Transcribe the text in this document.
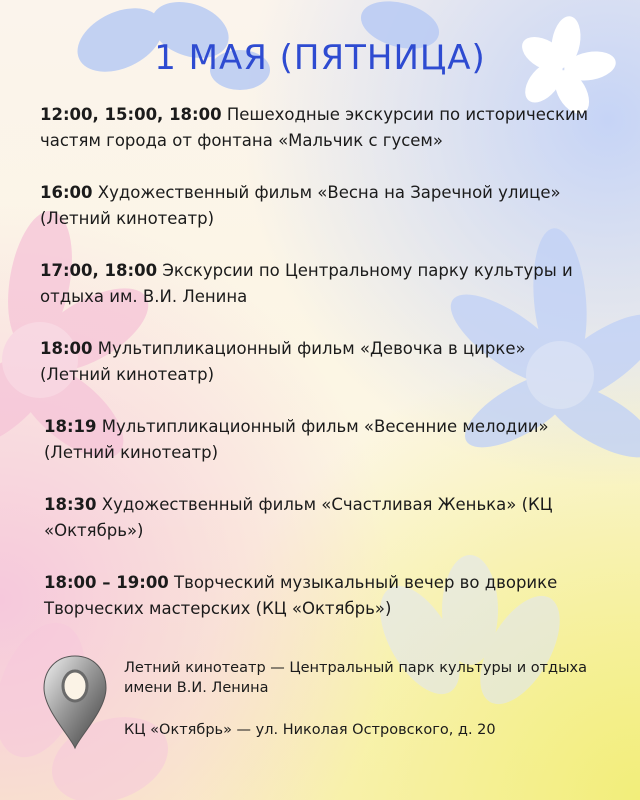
1 МАЯ (ПЯТНИЦА)
12:00, 15:00, 18:00 Пешеходные экскурсии по историческим частям города от фонтана «Мальчик с гусем»
16:00 Художественный фильм «Весна на Заречной улице» (Летний кинотеатр)
17:00, 18:00 Экскурсии по Центральному парку культуры и отдыха им. В.И. Ленина
18:00 Мультипликационный фильм «Девочка в цирке» (Летний кинотеатр)
18:19 Мультипликационный фильм «Весенние мелодии» (Летний кинотеатр)
18:30 Художественный фильм «Счастливая Женька» (КЦ «Октябрь»)
18:00 – 19:00 Творческий музыкальный вечер во дворике Творческих мастерских (КЦ «Октябрь»)
Летний кинотеатр — Центральный парк культуры и отдыха имени В.И. Ленина
КЦ «Октябрь» — ул. Николая Островского, д. 20
